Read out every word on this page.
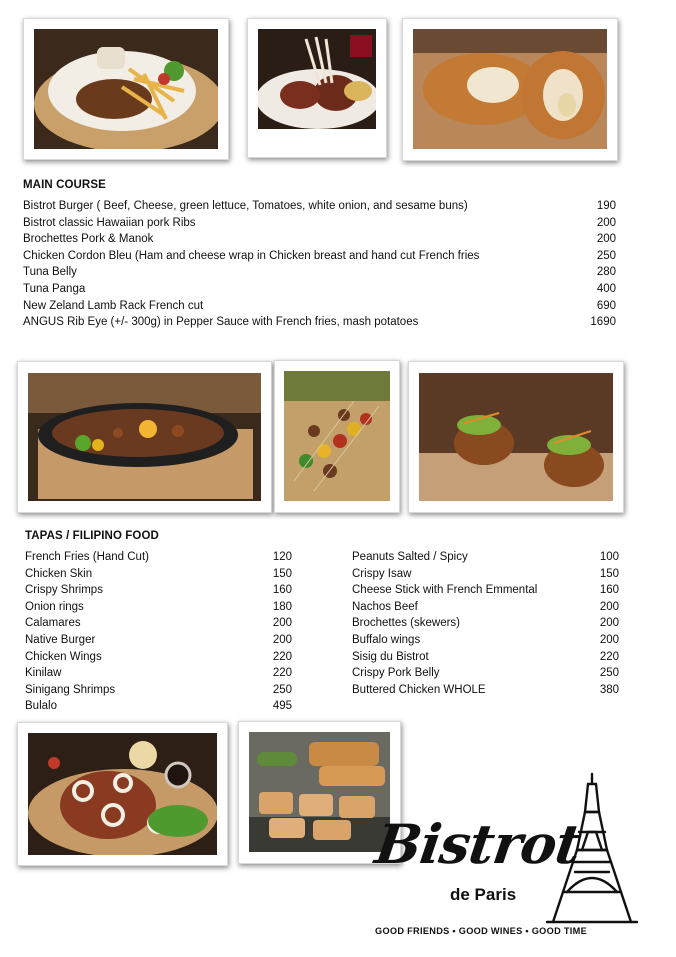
MAIN COURSE
Bistrot Burger ( Beef, Cheese, green lettuce, Tomatoes, white onion, and sesame buns)	190
Bistrot classic Hawaiian pork Ribs	200
Brochettes Pork & Manok	200
Chicken Cordon Bleu (Ham and cheese wrap in Chicken breast and hand cut French fries	250
Tuna Belly	280
Tuna Panga	400
New Zeland Lamb Rack French cut	690
ANGUS Rib Eye (+/- 300g) in Pepper Sauce with French fries, mash potatoes	1690
TAPAS / FILIPINO FOOD
French Fries (Hand Cut)	120
Chicken Skin	150
Crispy Shrimps	160
Onion rings	180
Calamares	200
Native Burger	200
Chicken Wings	220
Kinilaw	220
Sinigang Shrimps	250
Bulalo	495
Peanuts Salted / Spicy	100
Crispy Isaw	150
Cheese Stick with French Emmental	160
Nachos Beef	200
Brochettes (skewers)	200
Buffalo wings	200
Sisig du Bistrot	220
Crispy Pork Belly	250
Buttered Chicken WHOLE	380
Bistrot
de Paris
GOOD FRIENDS • GOOD WINES • GOOD TIME
